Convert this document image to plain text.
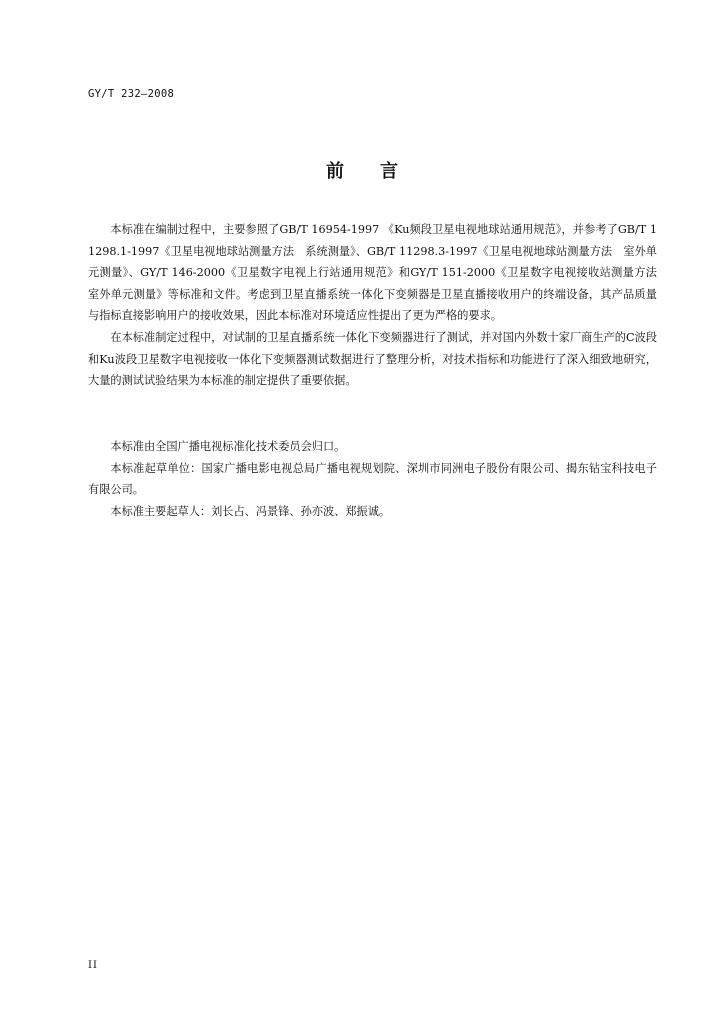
GY/T 232—2008
前 言

本标准在编制过程中，主要参照了GB/T 16954-1997 《Ku频段卫星电视地球站通用规范》，并参考了GB/T 11298.1-1997《卫星电视地球站测量方法　系统测量》、GB/T 11298.3-1997《卫星电视地球站测量方法　室外单元测量》、GY/T 146-2000《卫星数字电视上行站通用规范》和GY/T 151-2000《卫星数字电视接收站测量方法　室外单元测量》等标准和文件。考虑到卫星直播系统一体化下变频器是卫星直播接收用户的终端设备，其产品质量与指标直接影响用户的接收效果，因此本标准对环境适应性提出了更为严格的要求。

在本标准制定过程中，对试制的卫星直播系统一体化下变频器进行了测试，并对国内外数十家厂商生产的C波段和Ku波段卫星数字电视接收一体化下变频器测试数据进行了整理分析，对技术指标和功能进行了深入细致地研究，大量的测试试验结果为本标准的制定提供了重要依据。

本标准由全国广播电视标准化技术委员会归口。

本标准起草单位：国家广播电影电视总局广播电视规划院、深圳市同洲电子股份有限公司、揭东钻宝科技电子有限公司。

本标准主要起草人：刘长占、冯景锋、孙亦波、郑振诚。

II
